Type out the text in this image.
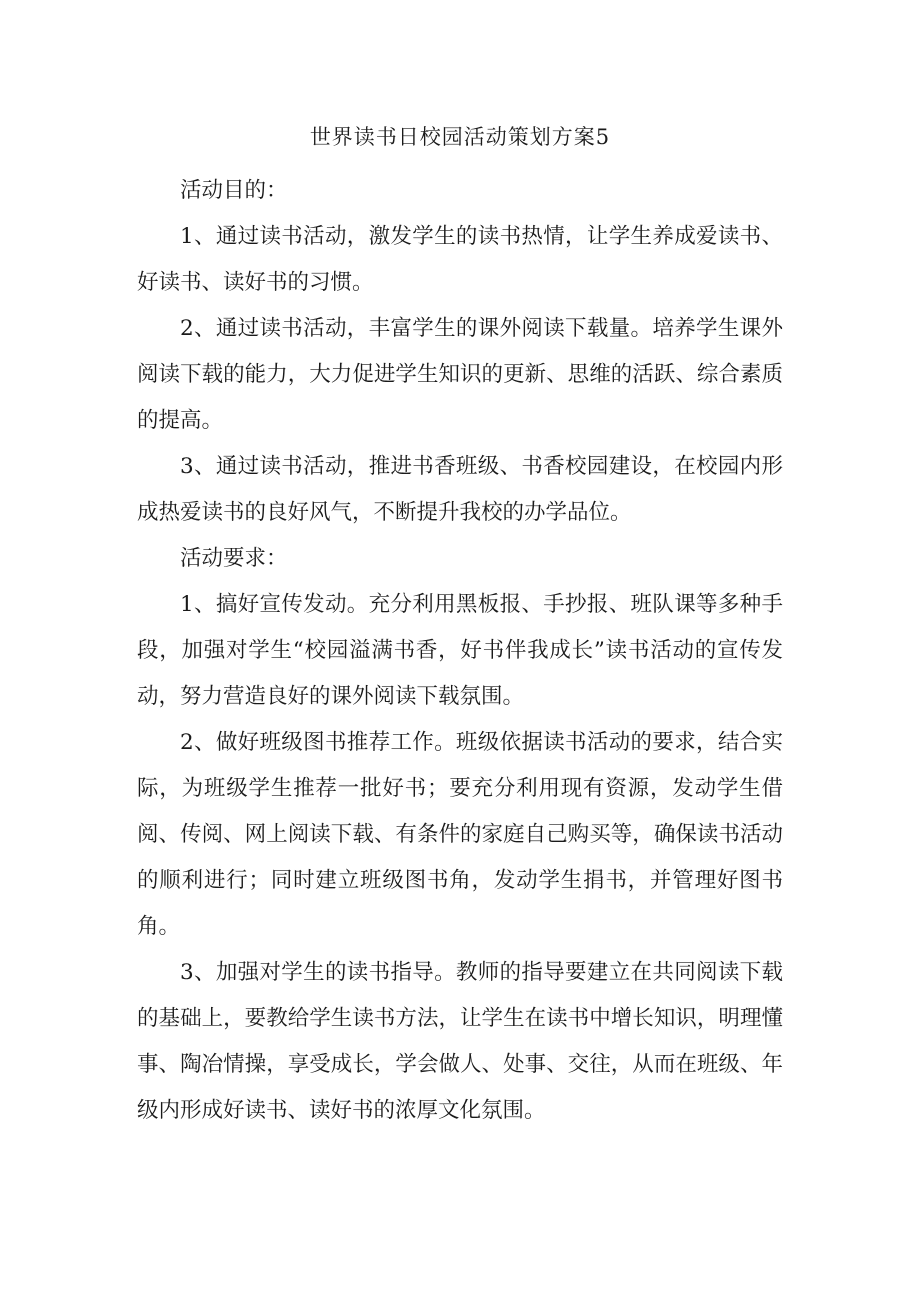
世界读书日校园活动策划方案5

活动目的：

1、通过读书活动，激发学生的读书热情，让学生养成爱读书、好读书、读好书的习惯。

2、通过读书活动，丰富学生的课外阅读下载量。培养学生课外阅读下载的能力，大力促进学生知识的更新、思维的活跃、综合素质的提高。

3、通过读书活动，推进书香班级、书香校园建设，在校园内形成热爱读书的良好风气，不断提升我校的办学品位。

活动要求：

1、搞好宣传发动。充分利用黑板报、手抄报、班队课等多种手段，加强对学生“校园溢满书香，好书伴我成长”读书活动的宣传发动，努力营造良好的课外阅读下载氛围。

2、做好班级图书推荐工作。班级依据读书活动的要求，结合实际，为班级学生推荐一批好书；要充分利用现有资源，发动学生借阅、传阅、网上阅读下载、有条件的家庭自己购买等，确保读书活动的顺利进行；同时建立班级图书角，发动学生捐书，并管理好图书角。

3、加强对学生的读书指导。教师的指导要建立在共同阅读下载的基础上，要教给学生读书方法，让学生在读书中增长知识，明理懂事、陶冶情操，享受成长，学会做人、处事、交往，从而在班级、年级内形成好读书、读好书的浓厚文化氛围。
